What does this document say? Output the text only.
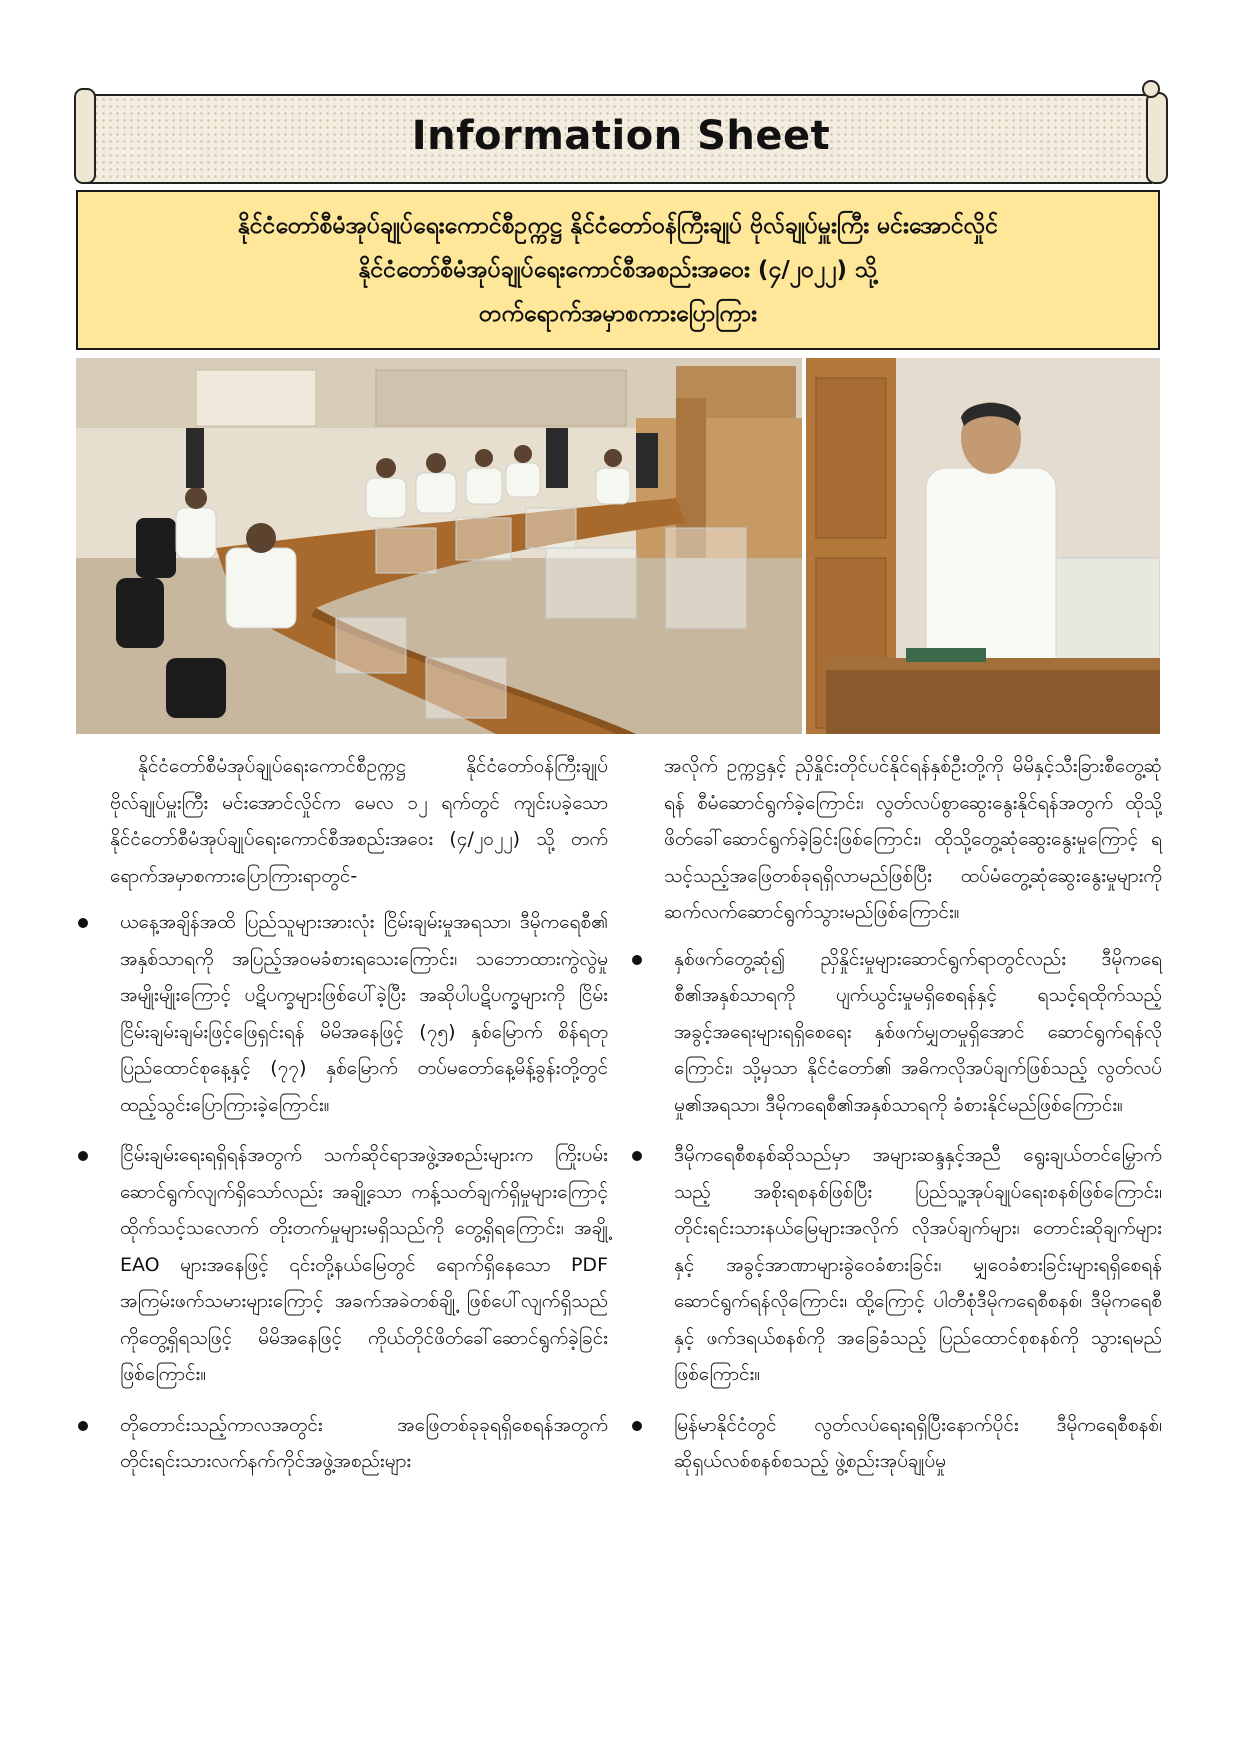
Information Sheet
နိုင်ငံတော်စီမံအုပ်ချုပ်ရေးကောင်စီဥက္ကဋ္ဌ နိုင်ငံတော်ဝန်ကြီးချုပ် ဗိုလ်ချုပ်မှူးကြီး မင်းအောင်လှိုင်
နိုင်ငံတော်စီမံအုပ်ချုပ်ရေးကောင်စီအစည်းအဝေး (၄/၂၀၂၂) သို့
တက်ရောက်အမှာစကားပြောကြား

နိုင်ငံတော်စီမံအုပ်ချုပ်ရေးကောင်စီဥက္ကဋ္ဌ နိုင်ငံတော်ဝန်ကြီးချုပ် ဗိုလ်ချုပ်မှူးကြီး မင်းအောင်လှိုင်က မေလ ၁၂ ရက်တွင် ကျင်းပခဲ့သော နိုင်ငံတော်စီမံအုပ်ချုပ်ရေးကောင်စီအစည်းအဝေး (၄/၂၀၂၂) သို့ တက်ရောက်အမှာစကားပြောကြားရာတွင်-

ယနေ့အချိန်အထိ ပြည်သူများအားလုံး ငြိမ်းချမ်းမှုအရသာ၊ ဒီမိုကရေစီ၏ အနှစ်သာရကို အပြည့်အဝမခံစားရသေးကြောင်း၊ သဘောထားကွဲလွဲမှုအမျိုးမျိုးကြောင့် ပဋိပက္ခများဖြစ်ပေါ်ခဲ့ပြီး အဆိုပါပဋိပက္ခများကို ငြိမ်းငြိမ်းချမ်းချမ်းဖြင့်ဖြေရှင်းရန် မိမိအနေဖြင့် (၇၅) နှစ်မြောက် စိန်ရတုပြည်ထောင်စုနေ့နှင့် (၇၇) နှစ်မြောက် တပ်မတော်နေ့မိန့်ခွန်းတို့တွင် ထည့်သွင်းပြောကြားခဲ့ကြောင်း။
ငြိမ်းချမ်းရေးရရှိရန်အတွက် သက်ဆိုင်ရာအဖွဲ့အစည်းများက ကြိုးပမ်းဆောင်ရွက်လျက်ရှိသော်လည်း အချို့သော ကန့်သတ်ချက်ရှိမှုများကြောင့် ထိုက်သင့်သလောက် တိုးတက်မှုများမရှိသည်ကို တွေ့ရှိရကြောင်း၊ အချို့ EAO များအနေဖြင့် ၎င်းတို့နယ်မြေတွင် ရောက်ရှိနေသော PDF အကြမ်းဖက်သမားများကြောင့် အခက်အခဲတစ်ချို့ ဖြစ်ပေါ်လျက်ရှိသည်ကိုတွေ့ရှိရသဖြင့် မိမိအနေဖြင့် ကိုယ်တိုင်ဖိတ်ခေါ်ဆောင်ရွက်ခဲ့ခြင်းဖြစ်ကြောင်း။
တိုတောင်းသည့်ကာလအတွင်း အဖြေတစ်ခုခုရရှိစေရန်အတွက် တိုင်းရင်းသားလက်နက်ကိုင်အဖွဲ့အစည်းများ

အလိုက် ဥက္ကဋ္ဌနှင့် ညှိနှိုင်းတိုင်ပင်နိုင်ရန်နှစ်ဦးတို့ကို မိမိနှင့်သီးခြားစီတွေ့ဆုံရန် စီမံဆောင်ရွက်ခဲ့ကြောင်း၊ လွတ်လပ်စွာဆွေးနွေးနိုင်ရန်အတွက် ထိုသို့ဖိတ်ခေါ်ဆောင်ရွက်ခဲ့ခြင်းဖြစ်ကြောင်း၊ ထိုသို့တွေ့ဆုံဆွေးနွေးမှုကြောင့် ရသင့်သည့်အဖြေတစ်ခုရရှိလာမည်ဖြစ်ပြီး ထပ်မံတွေ့ဆုံဆွေးနွေးမှုများကို ဆက်လက်ဆောင်ရွက်သွားမည်ဖြစ်ကြောင်း။

နှစ်ဖက်တွေ့ဆုံ၍ ညှိနှိုင်းမှုများဆောင်ရွက်ရာတွင်လည်း ဒီမိုကရေစီ၏အနှစ်သာရကို ပျက်ယွင်းမှုမရှိစေရန်နှင့် ရသင့်ရထိုက်သည့် အခွင့်အရေးများရရှိစေရေး နှစ်ဖက်မျှတမှုရှိအောင် ဆောင်ရွက်ရန်လိုကြောင်း၊ သို့မှသာ နိုင်ငံတော်၏ အဓိကလိုအပ်ချက်ဖြစ်သည့် လွတ်လပ်မှု၏အရသာ၊ ဒီမိုကရေစီ၏အနှစ်သာရကို ခံစားနိုင်မည်ဖြစ်ကြောင်း။
ဒီမိုကရေစီစနစ်ဆိုသည်မှာ အများဆန္ဒနှင့်အညီ ရွေးချယ်တင်မြှောက်သည့် အစိုးရစနစ်ဖြစ်ပြီး ပြည်သူ့အုပ်ချုပ်ရေးစနစ်ဖြစ်ကြောင်း၊ တိုင်းရင်းသားနယ်မြေများအလိုက် လိုအပ်ချက်များ၊ တောင်းဆိုချက်များနှင့် အခွင့်အာဏာများခွဲဝေခံစားခြင်း၊ မျှဝေခံစားခြင်းများရရှိစေရန် ဆောင်ရွက်ရန်လိုကြောင်း၊ ထို့ကြောင့် ပါတီစုံဒီမိုကရေစီစနစ်၊ ဒီမိုကရေစီနှင့် ဖက်ဒရယ်စနစ်ကို အခြေခံသည့် ပြည်ထောင်စုစနစ်ကို သွားရမည်ဖြစ်ကြောင်း။
မြန်မာနိုင်ငံတွင် လွတ်လပ်ရေးရရှိပြီးနောက်ပိုင်း ဒီမိုကရေစီစနစ်၊ ဆိုရှယ်လစ်စနစ်စသည့် ဖွဲ့စည်းအုပ်ချုပ်မှု
